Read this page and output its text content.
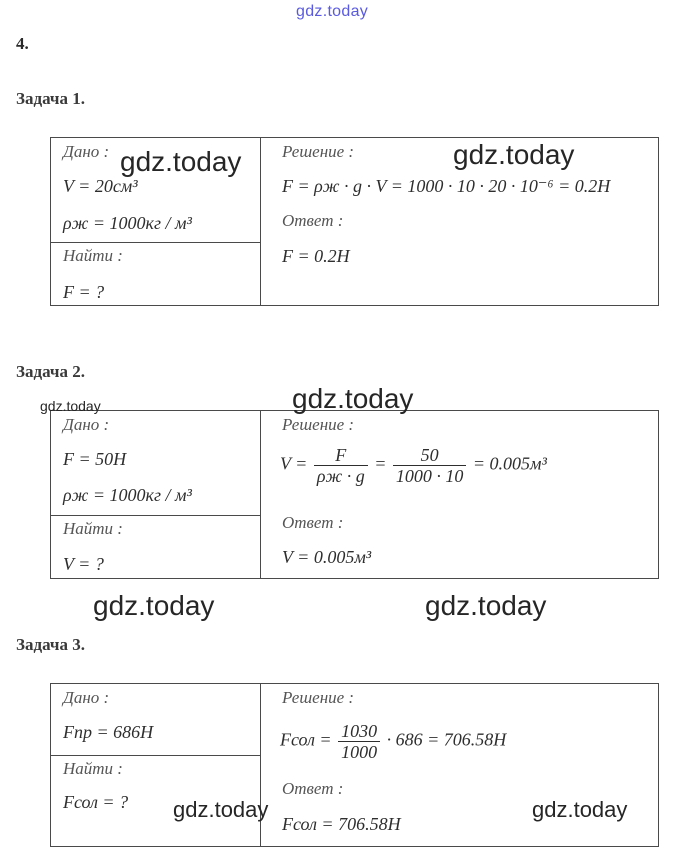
gdz.today
4.
Задача 1.
Дано :
V = 20см³
ρж = 1000кг / м³
Найти :
F = ?
Решение :
F = ρж · g · V = 1000 · 10 · 20 · 10⁻⁶ = 0.2H
Ответ :
F = 0.2H
Задача 2.
Дано :
F = 50H
ρж = 1000кг / м³
Найти :
V = ?
Решение :
$V = \frac{F}{\rho ж \cdot g} = \frac{50}{1000 \cdot 10} = 0.005м^3$
Ответ :
V = 0.005м³
Задача 3.
Дано :
Fпр = 686H
Найти :
Fсол = ?
Решение :
Fсол = $\frac{1030}{1000} \cdot 686 = 706.58H$
Ответ :
Fсол = 706.58H
gdz.today	gdz.today
gdz.today
gdz.today
gdz.today	gdz.today
gdz.today	gdz.today
